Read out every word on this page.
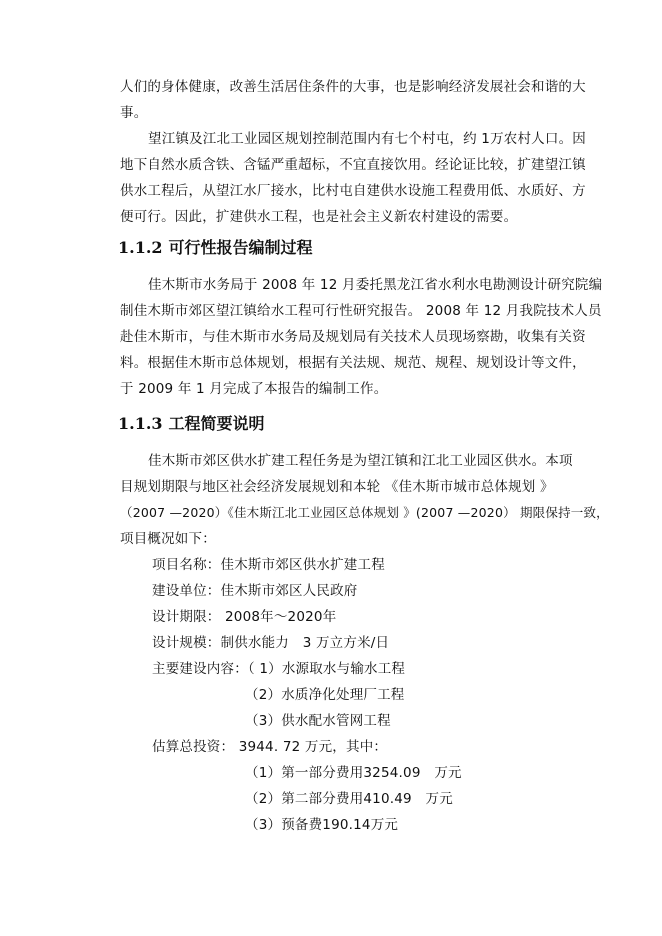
人们的身体健康，改善生活居住条件的大事，也是影响经济发展社会和谐的大
事。
望江镇及江北工业园区规划控制范围内有七个村屯，约 1万农村人口。因
地下自然水质含铁、含锰严重超标，不宜直接饮用。经论证比较，扩建望江镇
供水工程后，从望江水厂接水，比村屯自建供水设施工程费用低、水质好、方
便可行。因此，扩建供水工程，也是社会主义新农村建设的需要。
1.1.2 可行性报告编制过程
佳木斯市水务局于 2008 年 12 月委托黑龙江省水利水电勘测设计研究院编
制佳木斯市郊区望江镇给水工程可行性研究报告。 2008 年 12 月我院技术人员
赴佳木斯市，与佳木斯市水务局及规划局有关技术人员现场察勘，收集有关资
料。根据佳木斯市总体规划，根据有关法规、规范、规程、规划设计等文件，
于 2009 年 1 月完成了本报告的编制工作。
1.1.3 工程简要说明
佳木斯市郊区供水扩建工程任务是为望江镇和江北工业园区供水。本项
目规划期限与地区社会经济发展规划和本轮 《佳木斯市城市总体规划 》
（2007 —2020）《佳木斯江北工业园区总体规划 》(2007 —2020） 期限保持一致，
项目概况如下：
项目名称：佳木斯市郊区供水扩建工程
建设单位：佳木斯市郊区人民政府
设计期限： 2008年～2020年
设计规模：制供水能力　3 万立方米/日
主要建设内容：（ 1）水源取水与输水工程
（2）水质净化处理厂工程
（3）供水配水管网工程
估算总投资： 3944. 72 万元，其中：
（1）第一部分费用3254.09　万元
（2）第二部分费用410.49　万元
（3）预备费190.14万元
